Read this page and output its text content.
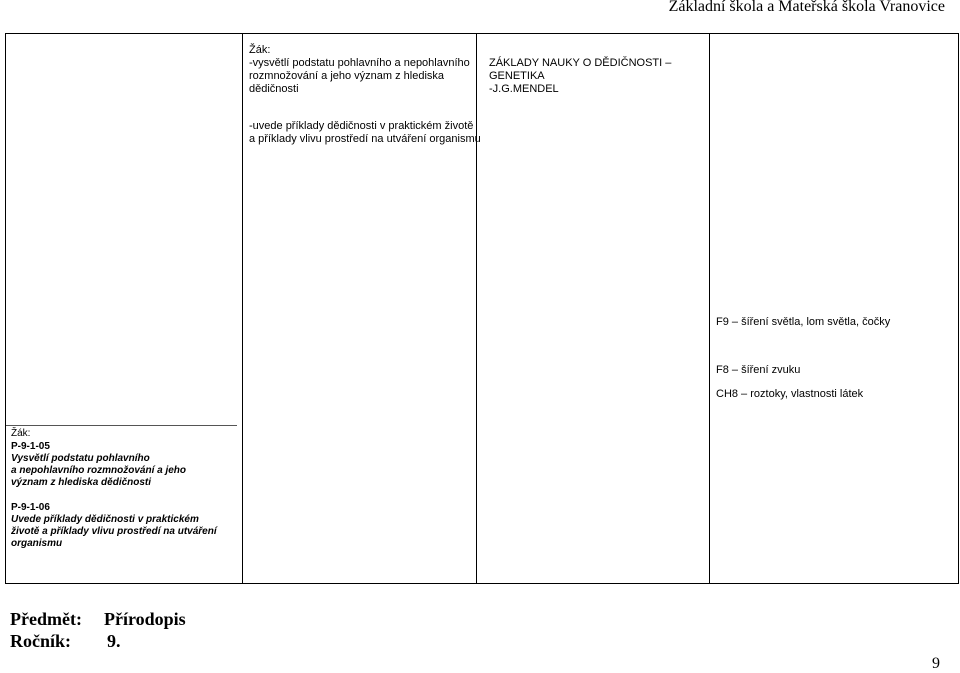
Základní škola a Mateřská škola Vranovice
Žák:
-vysvětlí podstatu pohlavního a nepohlavního
rozmnožování a jeho význam z hlediska
dědičnosti
-uvede příklady dědičnosti v praktickém životě
a příklady vlivu prostředí na utváření organismu
ZÁKLADY NAUKY O DĚDIČNOSTI –
GENETIKA
-J.G.MENDEL
F9 – šíření světla, lom světla, čočky
F8 – šíření zvuku
CH8 – roztoky, vlastnosti látek
Žák:
P-9-1-05
Vysvětlí podstatu pohlavního
a nepohlavního rozmnožování a jeho
význam z hlediska dědičnosti
P-9-1-06
Uvede příklady dědičnosti v praktickém
životě a příklady vlivu prostředí na utváření
organismu
Předmět: Přírodopis
Ročník: 9.
9
